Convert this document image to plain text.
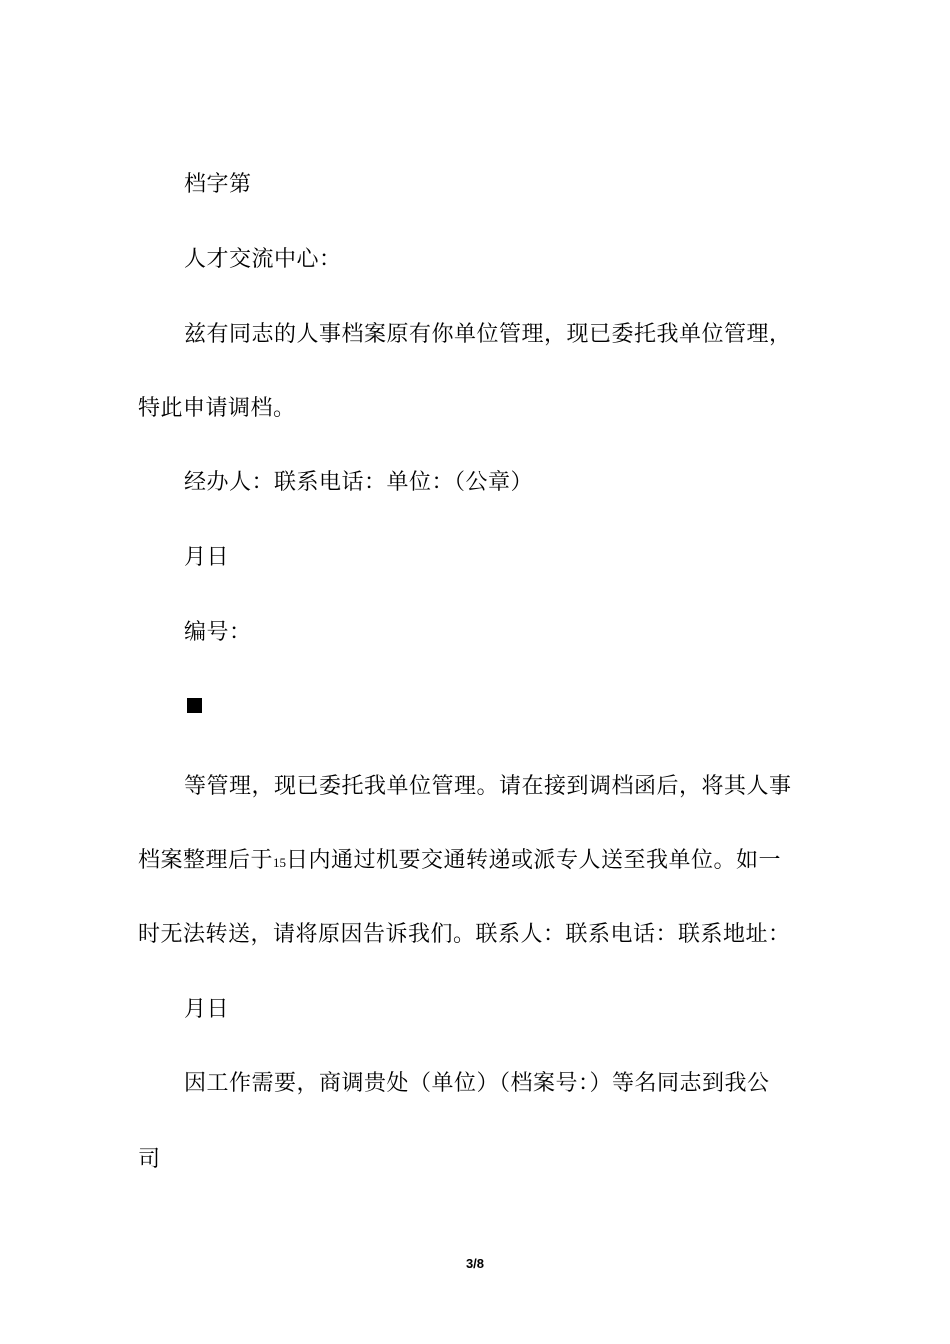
档字第
人才交流中心：
兹有同志的人事档案原有你单位管理，现已委托我单位管理，
特此申请调档。
经办人：联系电话：单位：（公章）
月日
编号：
等管理，现已委托我单位管理。请在接到调档函后，将其人事
档案整理后于15日内通过机要交通转递或派专人送至我单位。如一
时无法转送，请将原因告诉我们。联系人：联系电话：联系地址：
月日
因工作需要，商调贵处（单位）（档案号：）等名同志到我公
司
3/8
